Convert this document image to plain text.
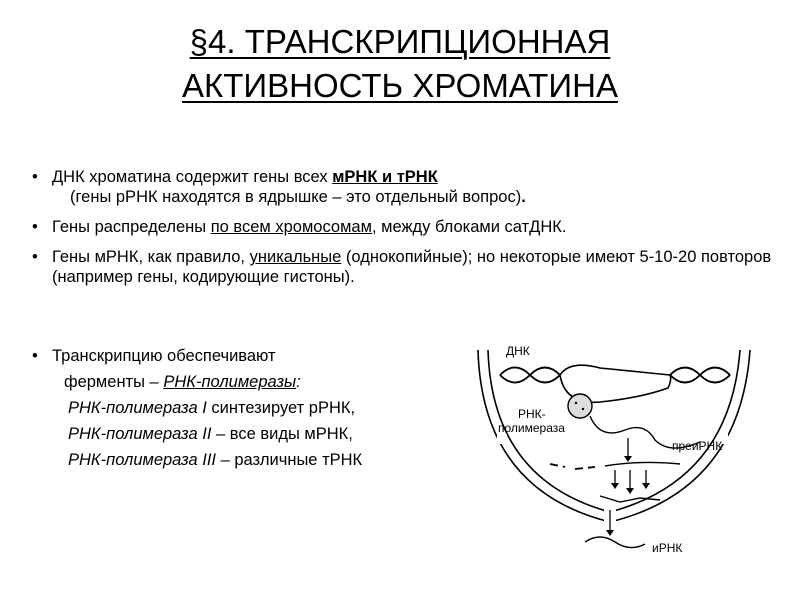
§4. ТРАНСКРИПЦИОННАЯ
АКТИВНОСТЬ ХРОМАТИНА
• ДНК хроматина содержит гены всех мРНК и тРНК
(гены рРНК находятся в ядрышке – это отдельный вопрос).
• Гены распределены по всем хромосомам, между блоками сатДНК.
• Гены мРНК, как правило, уникальные (однокопийные); но некоторые имеют 5-10-20 повторов (например гены, кодирующие гистоны).
• Транскрипцию обеспечивают
ферменты – РНК-полимеразы:
РНК-полимераза I синтезирует рРНК,
РНК-полимераза II – все виды мРНК,
РНК-полимераза III – различные тРНК
ДНК
РНК-
полимераза
преиРНК
иРНК
